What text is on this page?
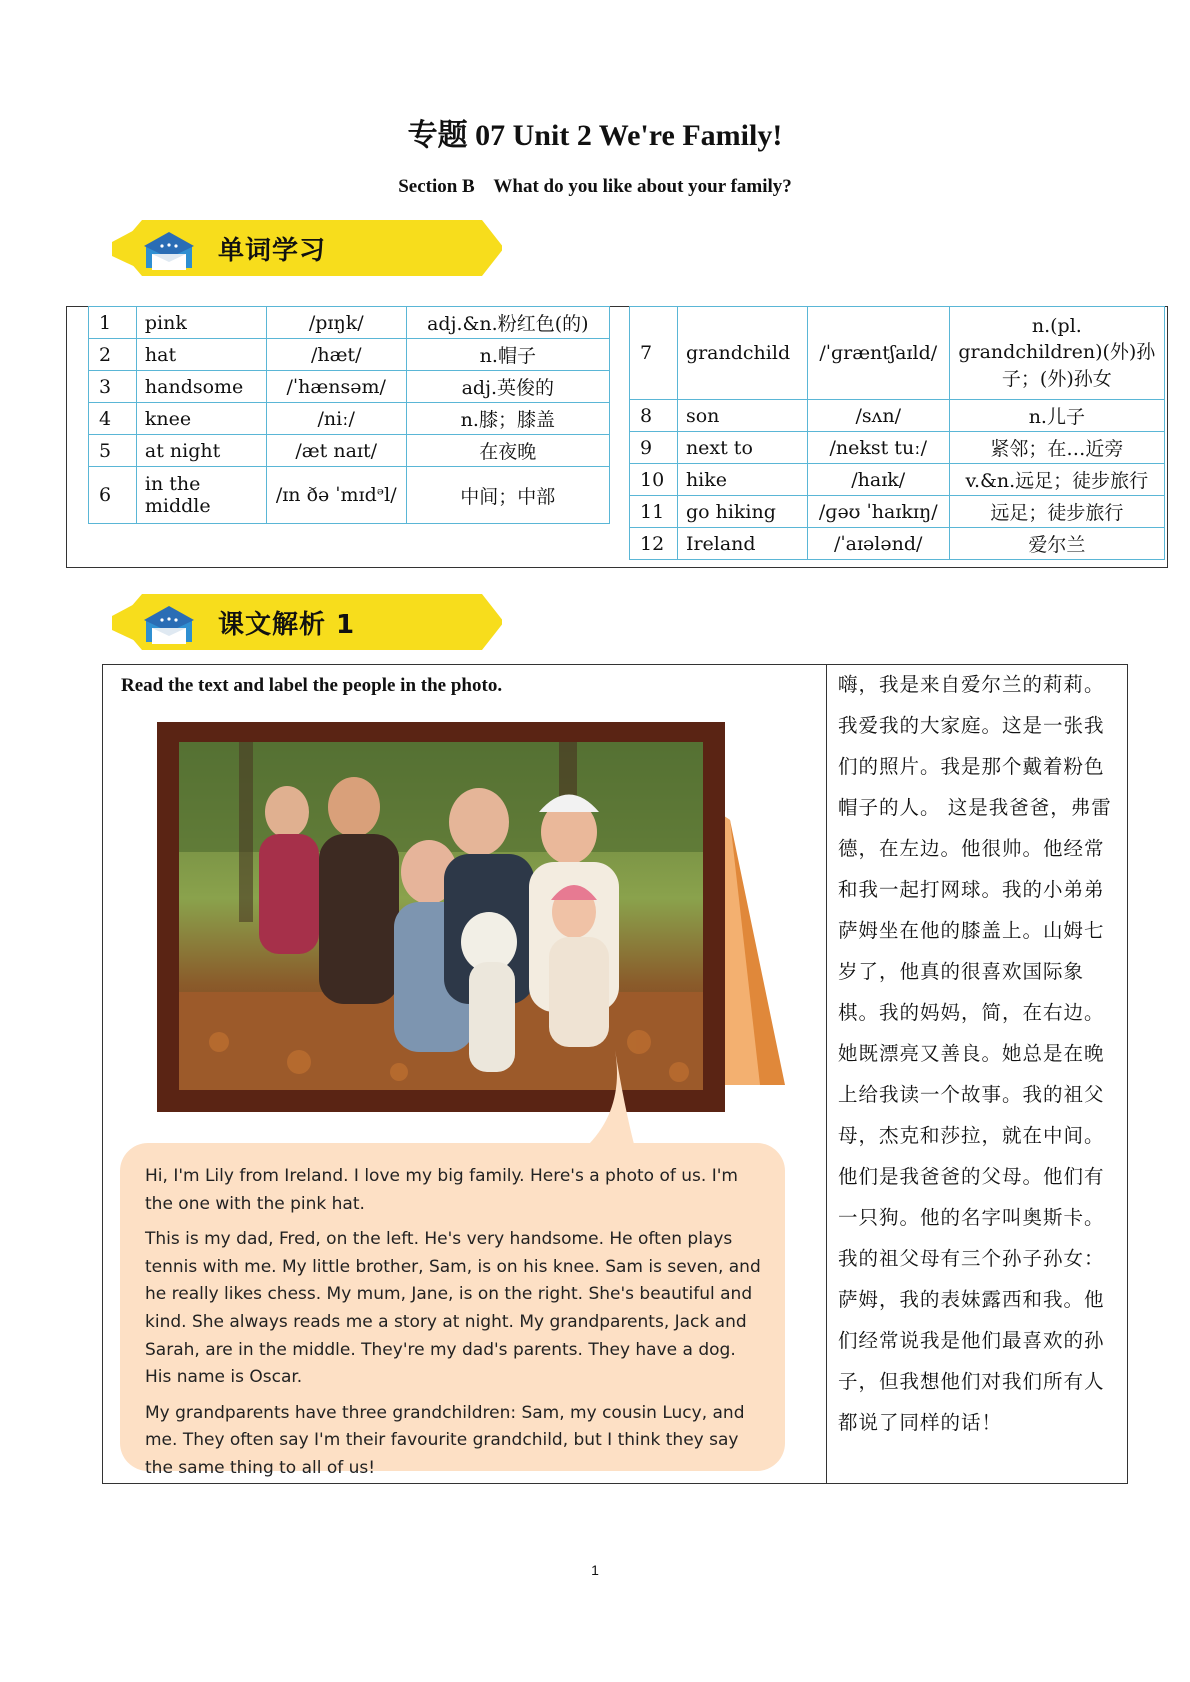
专题 07 Unit 2 We're Family!
Section B    What do you like about your family?
单词学习
1	pink	/pɪŋk/	adj.&n.粉红色(的)
2	hat	/hæt/	n.帽子
3	handsome	/ˈhænsəm/	adj.英俊的
4	knee	/niː/	n.膝；膝盖
5	at night	/æt naɪt/	在夜晚
6	in the middle	/ɪn ðə ˈmɪdᵊl/	中间；中部
7	grandchild	/ˈɡræntʃaɪld/	n.(pl. grandchildren)(外)孙子；(外)孙女
8	son	/sʌn/	n.儿子
9	next to	/nekst tuː/	紧邻；在…近旁
10	hike	/haɪk/	v.&n.远足；徒步旅行
11	go hiking	/ɡəʊ ˈhaɪkɪŋ/	远足；徒步旅行
12	Ireland	/ˈaɪələnd/	爱尔兰
课文解析 1
Read the text and label the people in the photo.

Hi, I'm Lily from Ireland. I love my big family. Here's a photo of us. I'm the one with the pink hat.

This is my dad, Fred, on the left. He's very handsome. He often plays tennis with me. My little brother, Sam, is on his knee. Sam is seven, and he really likes chess. My mum, Jane, is on the right. She's beautiful and kind. She always reads me a story at night. My grandparents, Jack and Sarah, are in the middle. They're my dad's parents. They have a dog. His name is Oscar.

My grandparents have three grandchildren: Sam, my cousin Lucy, and me. They often say I'm their favourite grandchild, but I think they say the same thing to all of us!

嗨，我是来自爱尔兰的莉莉。我爱我的大家庭。这是一张我们的照片。我是那个戴着粉色帽子的人。 这是我爸爸，弗雷德，在左边。他很帅。他经常和我一起打网球。我的小弟弟萨姆坐在他的膝盖上。山姆七岁了，他真的很喜欢国际象棋。我的妈妈，简，在右边。她既漂亮又善良。她总是在晚上给我读一个故事。我的祖父母，杰克和莎拉，就在中间。他们是我爸爸的父母。他们有一只狗。他的名字叫奥斯卡。我的祖父母有三个孙子孙女：萨姆，我的表妹露西和我。他们经常说我是他们最喜欢的孙子，但我想他们对我们所有人都说了同样的话！
1
